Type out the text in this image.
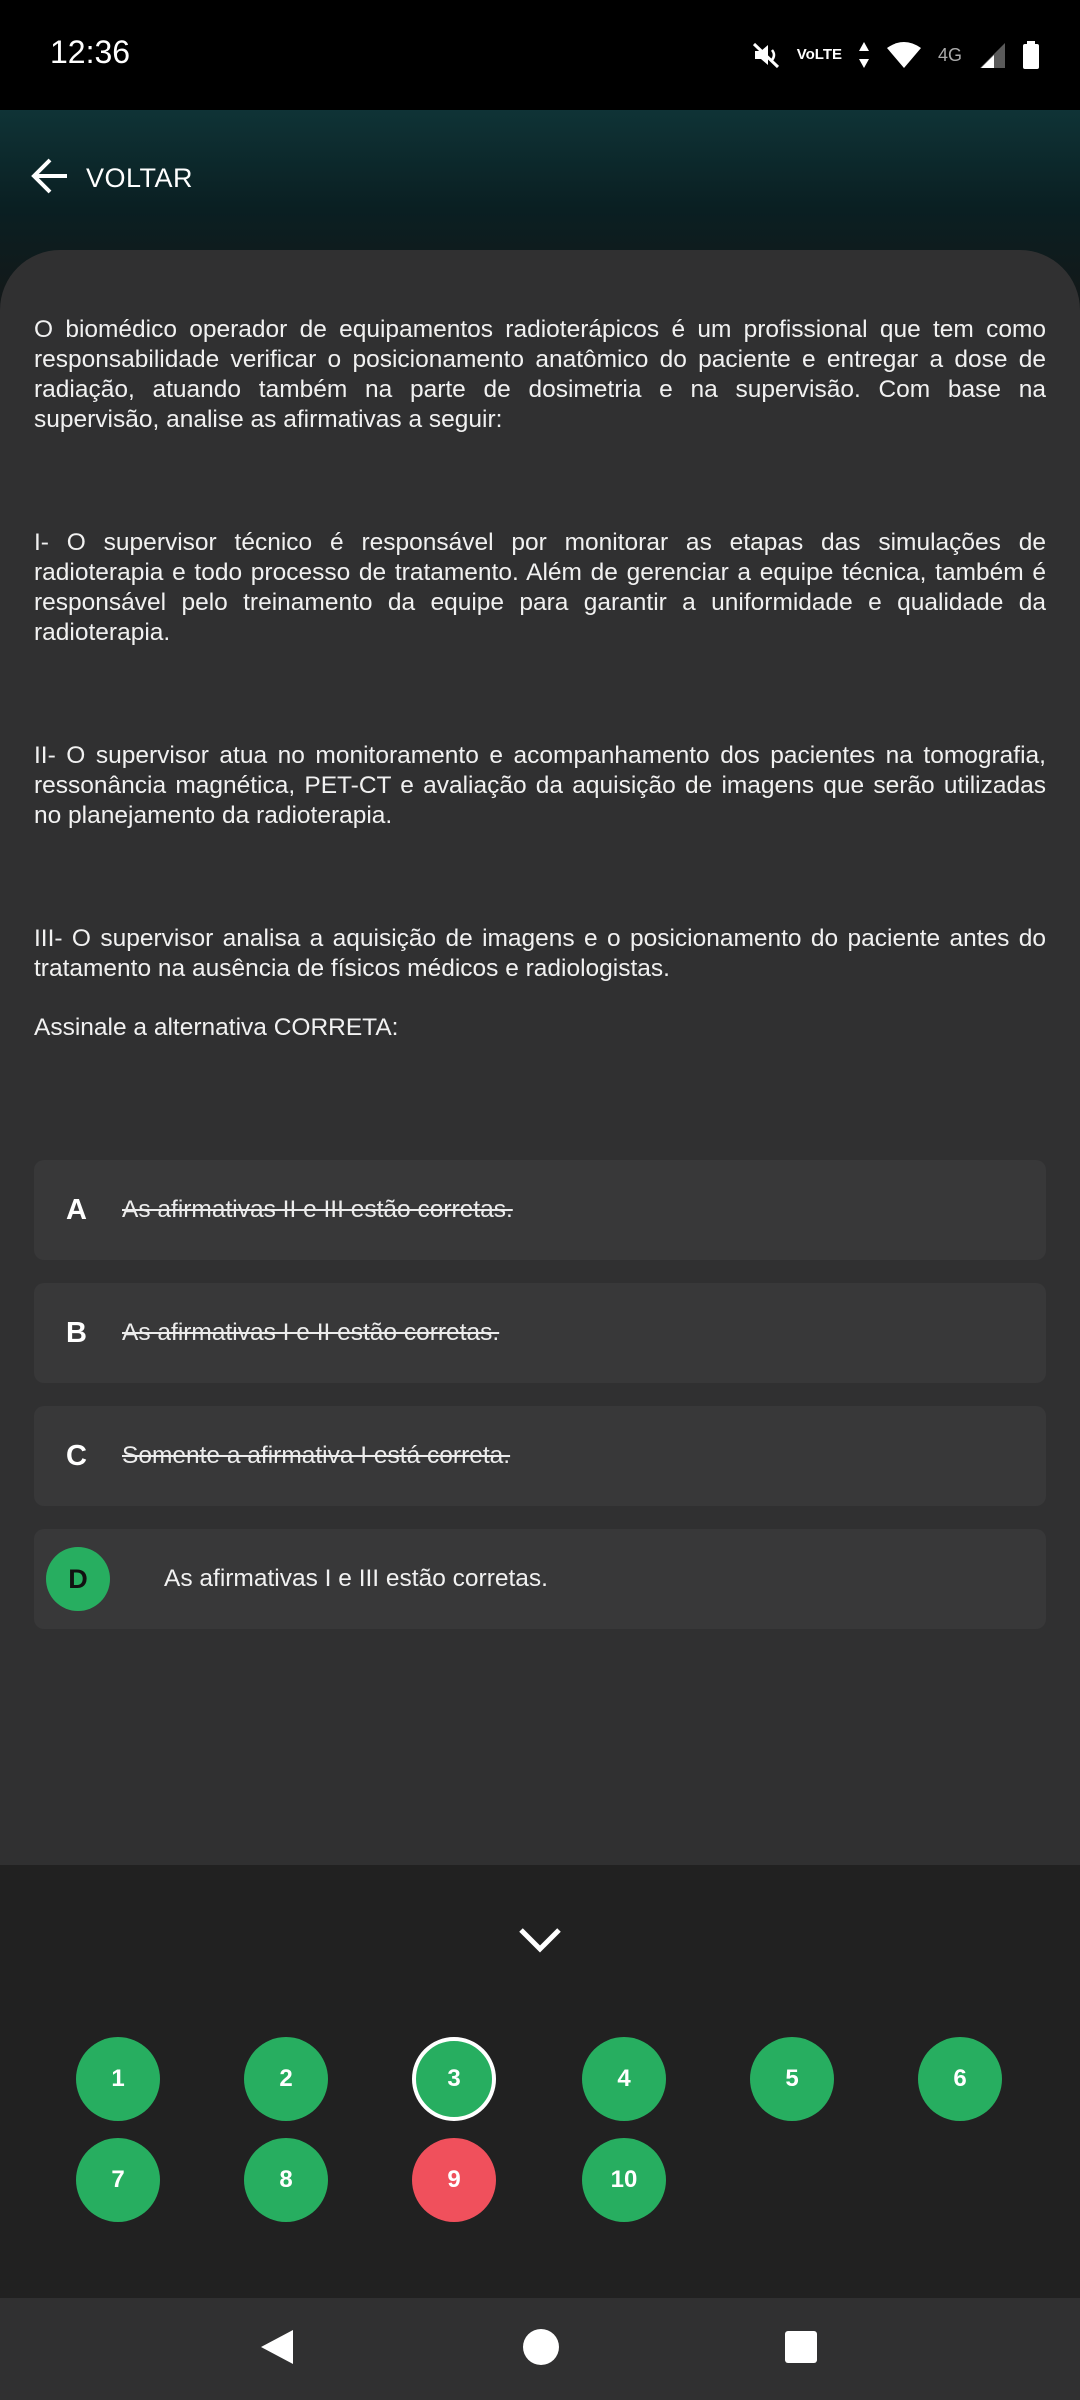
12:36	Vo LTE	4G
VOLTAR
O biomédico operador de equipamentos radioterápicos é um profissional que tem como responsabilidade verificar o posicionamento anatômico do paciente e entregar a dose de radiação, atuando também na parte de dosimetria e na supervisão. Com base na supervisão, analise as afirmativas a seguir:
I- O supervisor técnico é responsável por monitorar as etapas das simulações de radioterapia e todo processo de tratamento. Além de gerenciar a equipe técnica, também é responsável pelo treinamento da equipe para garantir a uniformidade e qualidade da radioterapia.
II- O supervisor atua no monitoramento e acompanhamento dos pacientes na tomografia, ressonância magnética, PET-CT e avaliação da aquisição de imagens que serão utilizadas no planejamento da radioterapia.
III- O supervisor analisa a aquisição de imagens e o posicionamento do paciente antes do tratamento na ausência de físicos médicos e radiologistas.
Assinale a alternativa CORRETA:
A As afirmativas II e III estão corretas.
B As afirmativas I e II estão corretas.
C Somente a afirmativa I está correta.
D	As afirmativas I e III estão corretas.
1	2	3	4	5	6
7	8	9	10
